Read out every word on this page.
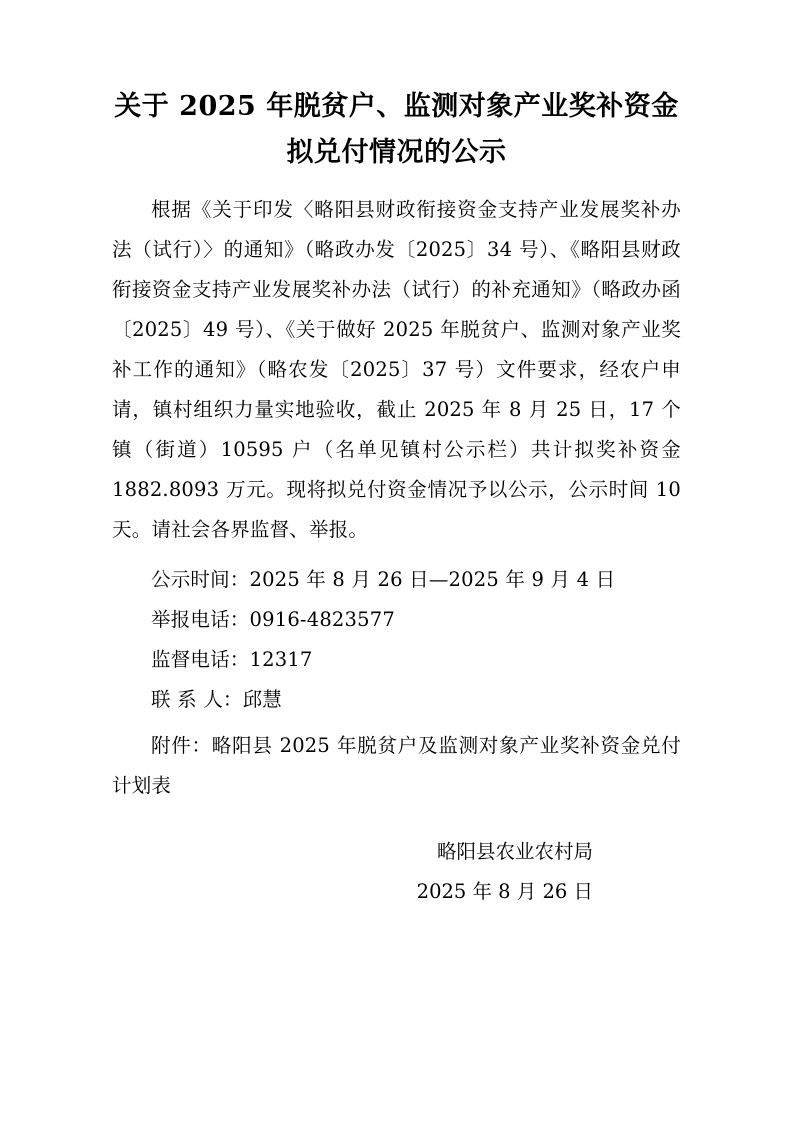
关于 2025 年脱贫户、监测对象产业奖补资金拟兑付情况的公示

根据《关于印发〈略阳县财政衔接资金支持产业发展奖补办法（试行）〉的通知》（略政办发〔2025〕34 号）、《略阳县财政衔接资金支持产业发展奖补办法（试行）的补充通知》（略政办函〔2025〕49 号）、《关于做好 2025 年脱贫户、监测对象产业奖补工作的通知》（略农发〔2025〕37 号）文件要求，经农户申请，镇村组织力量实地验收，截止 2025 年 8 月 25 日，17 个镇（街道）10595 户（名单见镇村公示栏）共计拟奖补资金 1882.8093 万元。现将拟兑付资金情况予以公示，公示时间 10 天。请社会各界监督、举报。

公示时间：2025 年 8 月 26 日—2025 年 9 月 4 日

举报电话：0916-4823577

监督电话：12317

联 系 人：邱慧

附件：略阳县 2025 年脱贫户及监测对象产业奖补资金兑付计划表

略阳县农业农村局

2025 年 8 月 26 日
